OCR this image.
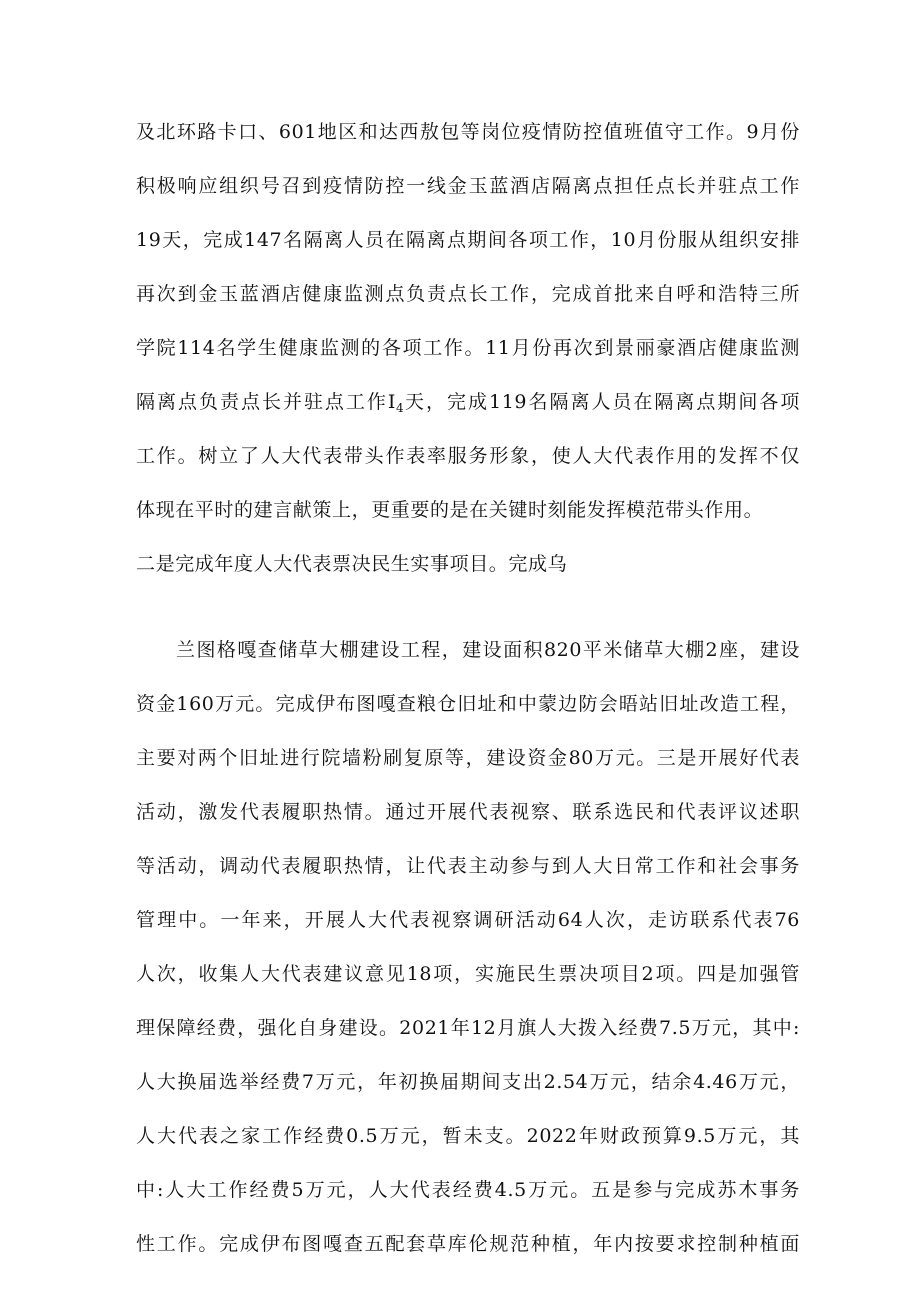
及北环路卡口、601地区和达西敖包等岗位疫情防控值班值守工作。9月份
积极响应组织号召到疫情防控一线金玉蓝酒店隔离点担任点长并驻点工作
19天，完成147名隔离人员在隔离点期间各项工作，10月份服从组织安排
再次到金玉蓝酒店健康监测点负责点长工作，完成首批来自呼和浩特三所
学院114名学生健康监测的各项工作。11月份再次到景丽豪酒店健康监测
隔离点负责点长并驻点工作$I_4$天，完成119名隔离人员在隔离点期间各项
工作。树立了人大代表带头作表率服务形象，使人大代表作用的发挥不仅
体现在平时的建言献策上，更重要的是在关键时刻能发挥模范带头作用。
二是完成年度人大代表票决民生实事项目。完成乌
兰图格嘎查储草大棚建设工程，建设面积820平米储草大棚2座，建设
资金160万元。完成伊布图嘎查粮仓旧址和中蒙边防会晤站旧址改造工程，
主要对两个旧址进行院墙粉刷复原等，建设资金80万元。三是开展好代表
活动，激发代表履职热情。通过开展代表视察、联系选民和代表评议述职
等活动，调动代表履职热情，让代表主动参与到人大日常工作和社会事务
管理中。一年来，开展人大代表视察调研活动64人次，走访联系代表76
人次，收集人大代表建议意见18项，实施民生票决项目2项。四是加强管
理保障经费，强化自身建设。2021年12月旗人大拨入经费7.5万元，其中:
人大换届选举经费7万元，年初换届期间支出2.54万元，结余4.46万元，
人大代表之家工作经费0.5万元，暂未支。2022年财政预算9.5万元，其
中:人大工作经费5万元，人大代表经费4.5万元。五是参与完成苏木事务
性工作。完成伊布图嘎查五配套草库伦规范种植，年内按要求控制种植面
